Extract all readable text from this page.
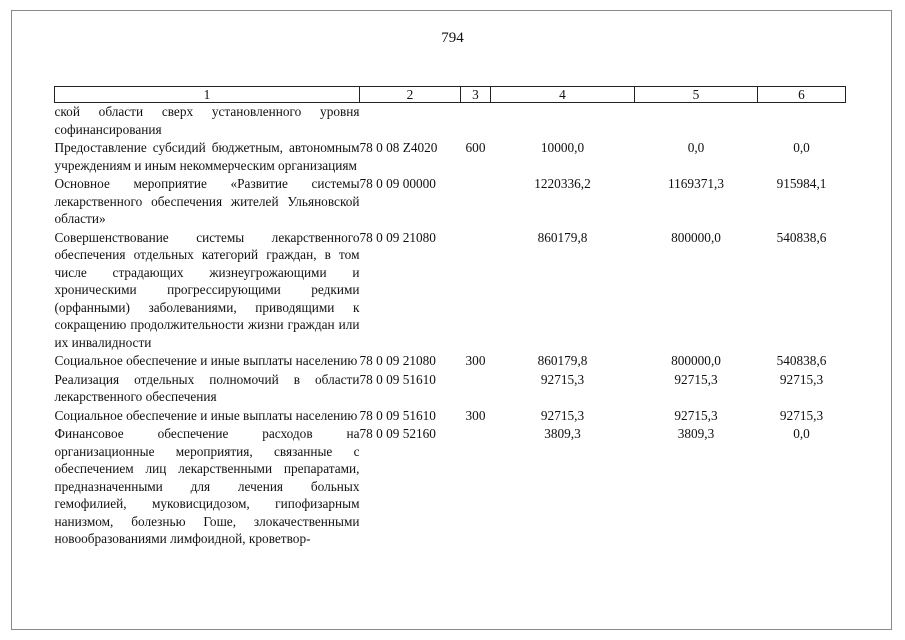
794
1	2	3	4	5	6
ской области сверх установленного уровня софинансирования					
Предоставление субсидий бюджетным, автономным учреждениям и иным некоммерческим организациям	78 0 08 Z4020	600	10000,0	0,0	0,0
Основное мероприятие «Развитие системы лекарственного обеспечения жителей Ульяновской области»	78 0 09 00000		1220336,2	1169371,3	915984,1
Совершенствование системы лекарственного обеспечения отдельных категорий граждан, в том числе страдающих жизнеугрожающими и хроническими прогрессирующими редкими (орфанными) заболеваниями, приводящими к сокращению продолжительности жизни граждан или их инвалидности	78 0 09 21080		860179,8	800000,0	540838,6
Социальное обеспечение и иные выплаты населению	78 0 09 21080	300	860179,8	800000,0	540838,6
Реализация отдельных полномочий в области лекарственного обеспечения	78 0 09 51610		92715,3	92715,3	92715,3
Социальное обеспечение и иные выплаты населению	78 0 09 51610	300	92715,3	92715,3	92715,3
Финансовое обеспечение расходов на организационные мероприятия, связанные с обеспечением лиц лекарственными препаратами, предназначенными для лечения больных гемофилией, муковисцидозом, гипофизарным нанизмом, болезнью Гоше, злокачественными новообразованиями лимфоидной, кроветвор-	78 0 09 52160		3809,3	3809,3	0,0
